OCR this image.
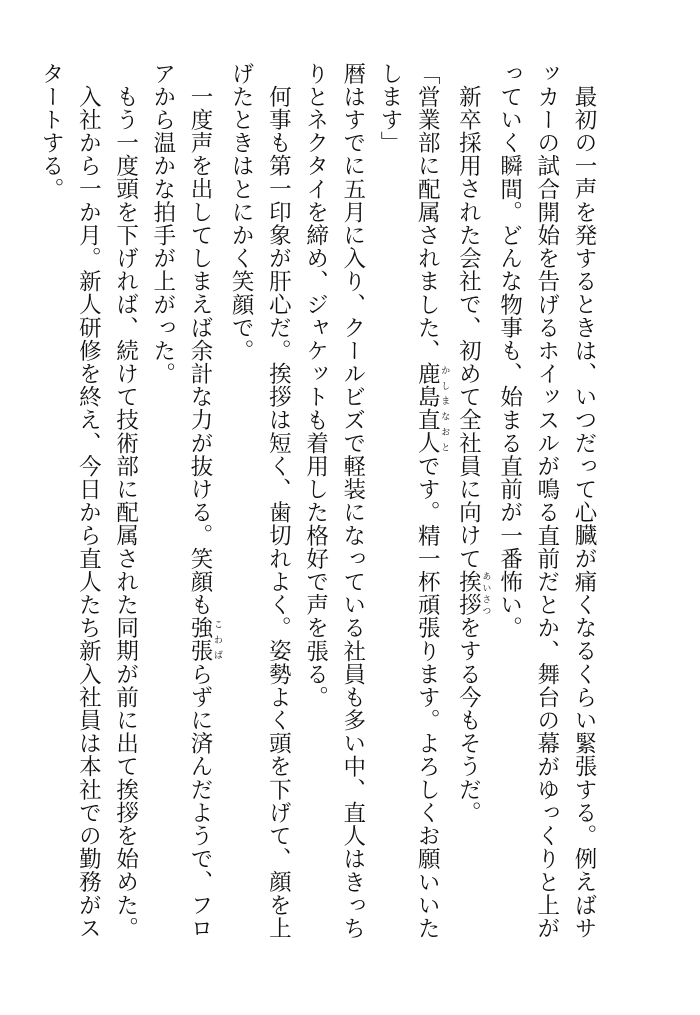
最初の一声を発するときは、いつだって心臓が痛くなるくらい緊張する。例えばサッカーの試合開始を告げるホイッスルが鳴る直前だとか、舞台の幕がゆっくりと上がっていく瞬間。どんな物事も、始まる直前が一番怖い。

新卒採用された会社で、初めて全社員に向けて挨拶 あいさつをする今もそうだ。

「営業部に配属されました、鹿島直人 かしまなおとです。精一杯頑張ります。よろしくお願いいたします」

暦はすでに五月に入り、クールビズで軽装になっている社員も多い中、直人はきっちりとネクタイを締め、ジャケットも着用した格好で声を張る。

何事も第一印象が肝心だ。挨拶は短く、歯切れよく。姿勢よく頭を下げて、顔を上げたときはとにかく笑顔で。

一度声を出してしまえば余計な力が抜ける。笑顔も強張 こわばらずに済んだようで、フロアから温かな拍手が上がった。

もう一度頭を下げれば、続けて技術部に配属された同期が前に出て挨拶を始めた。

入社から一か月。新人研修を終え、今日から直人たち新入社員は本社での勤務がスタートする。
